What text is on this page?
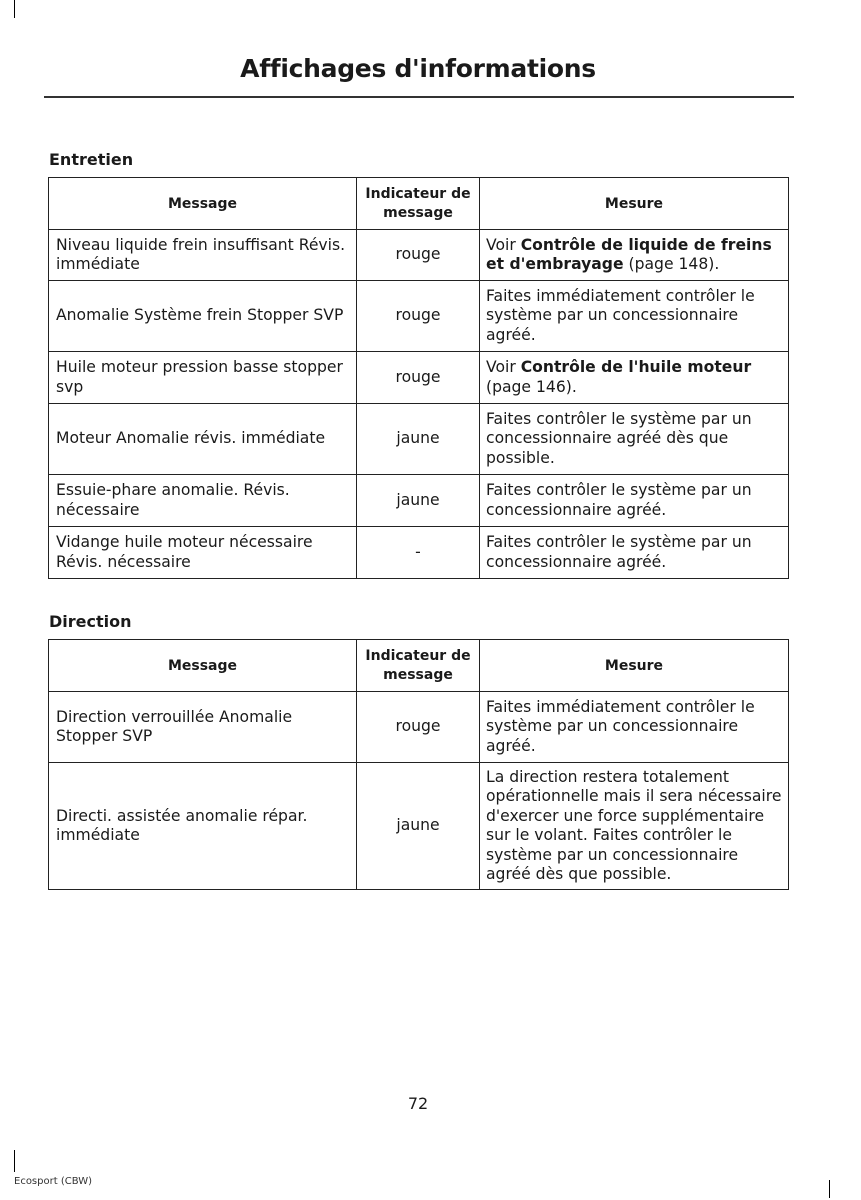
Affichages d'informations
Entretien
Message	Indicateur de message	Mesure
Niveau liquide frein insuffisant Révis. immédiate	rouge	Voir Contrôle de liquide de freins et d'embrayage (page 148).
Anomalie Système frein Stopper SVP	rouge	Faites immédiatement contrôler le système par un concessionnaire agréé.
Huile moteur pression basse stopper svp	rouge	Voir Contrôle de l'huile moteur (page 146).
Moteur Anomalie révis. immédiate	jaune	Faites contrôler le système par un concessionnaire agréé dès que possible.
Essuie-phare anomalie. Révis. nécessaire	jaune	Faites contrôler le système par un concessionnaire agréé.
Vidange huile moteur nécessaire Révis. nécessaire	-	Faites contrôler le système par un concessionnaire agréé.
Direction
Message	Indicateur de message	Mesure
Direction verrouillée Anomalie Stopper SVP	rouge	Faites immédiatement contrôler le système par un concessionnaire agréé.
Directi. assistée anomalie répar. immédiate	jaune	La direction restera totalement opérationnelle mais il sera nécessaire d'exercer une force supplémentaire sur le volant. Faites contrôler le système par un concessionnaire agréé dès que possible.
72
Ecosport (CBW)
